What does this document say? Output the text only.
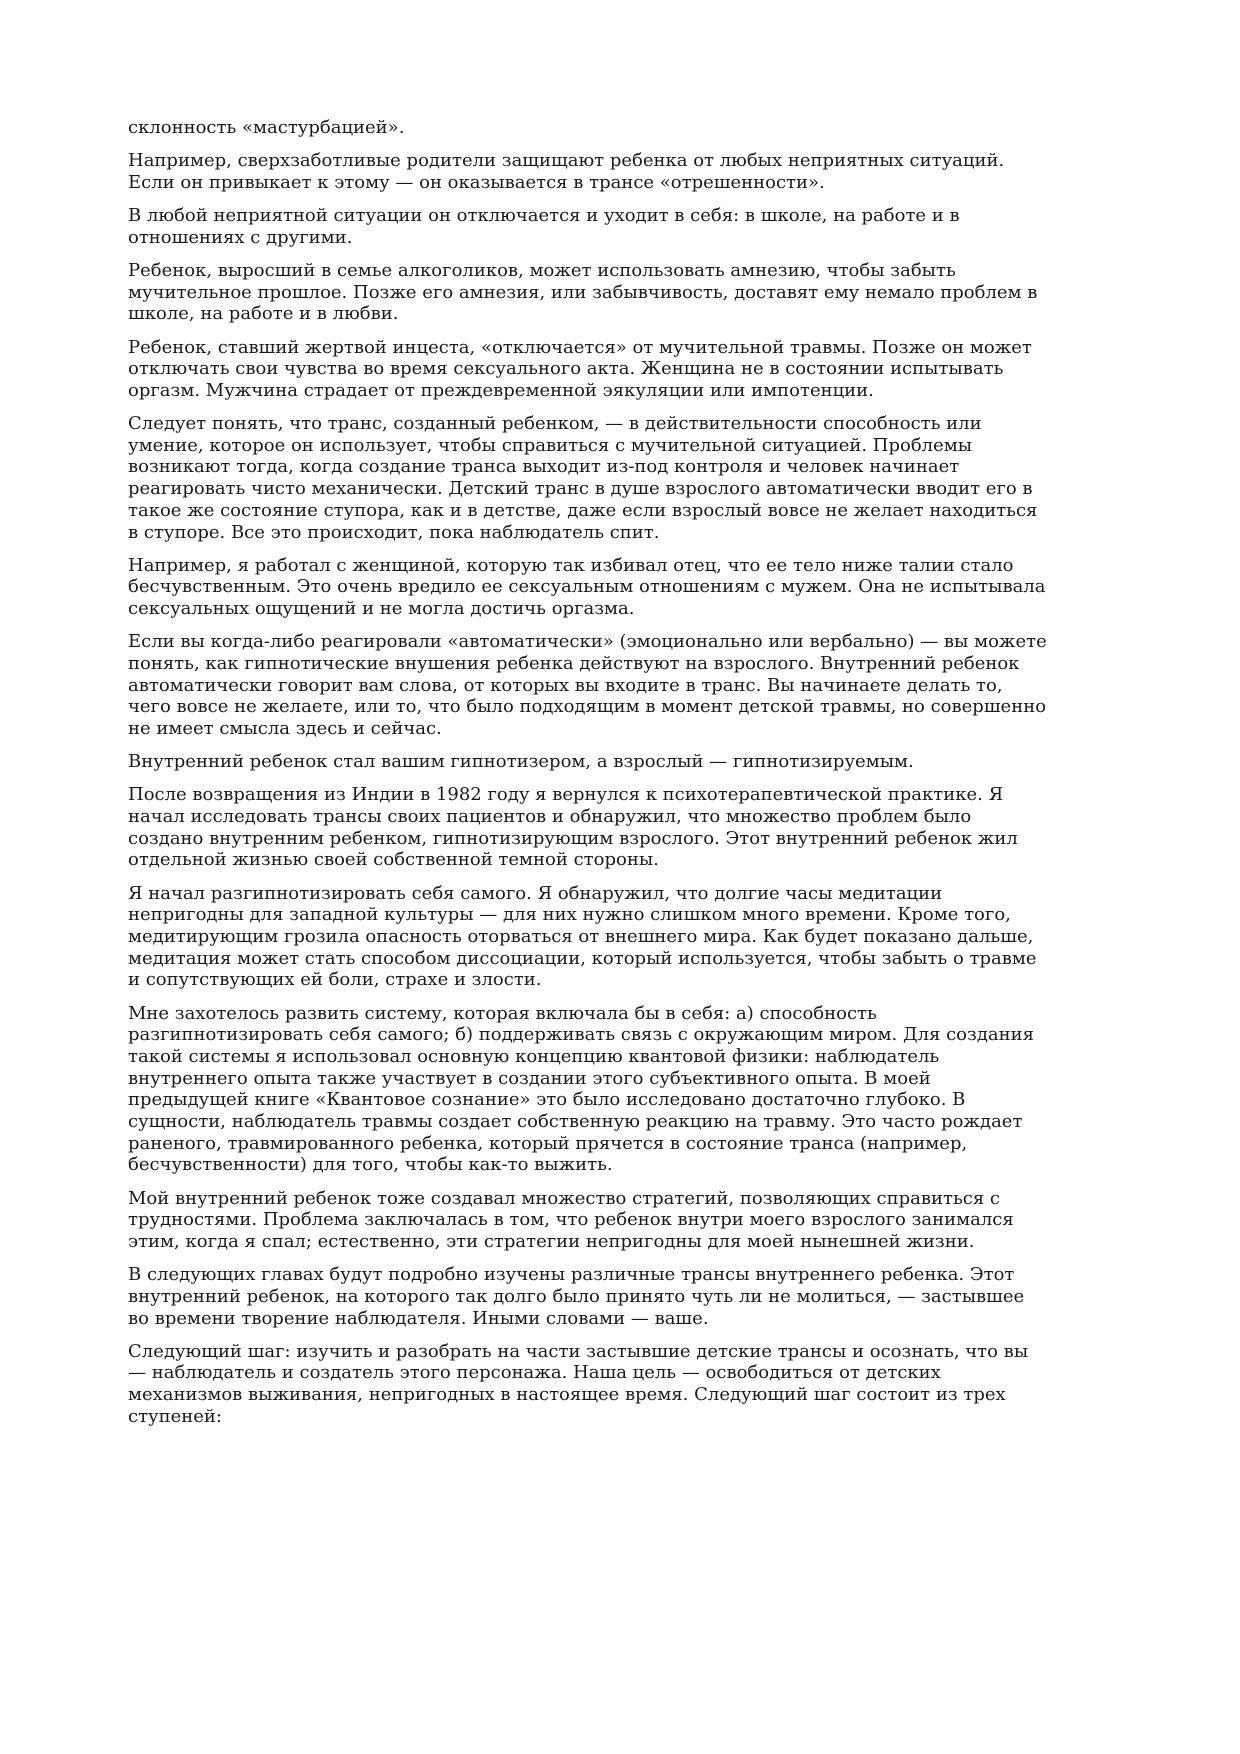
склонность «мастурбацией».
Например, сверхзаботливые родители защищают ребенка от любых неприятных ситуаций.
Если он привыкает к этому — он оказывается в трансе «отрешенности».
В любой неприятной ситуации он отключается и уходит в себя: в школе, на работе и в
отношениях с другими.
Ребенок, выросший в семье алкоголиков, может использовать амнезию, чтобы забыть
мучительное прошлое. Позже его амнезия, или забывчивость, доставят ему немало проблем в
школе, на работе и в любви.
Ребенок, ставший жертвой инцеста, «отключается» от мучительной травмы. Позже он может
отключать свои чувства во время сексуального акта. Женщина не в состоянии испытывать
оргазм. Мужчина страдает от преждевременной эякуляции или импотенции.
Следует понять, что транс, созданный ребенком, — в действительности способность или
умение, которое он использует, чтобы справиться с мучительной ситуацией. Проблемы
возникают тогда, когда создание транса выходит из-под контроля и человек начинает
реагировать чисто механически. Детский транс в душе взрослого автоматически вводит его в
такое же состояние ступора, как и в детстве, даже если взрослый вовсе не желает находиться
в ступоре. Все это происходит, пока наблюдатель спит.
Например, я работал с женщиной, которую так избивал отец, что ее тело ниже талии стало
бесчувственным. Это очень вредило ее сексуальным отношениям с мужем. Она не испытывала
сексуальных ощущений и не могла достичь оргазма.
Если вы когда-либо реагировали «автоматически» (эмоционально или вербально) — вы можете
понять, как гипнотические внушения ребенка действуют на взрослого. Внутренний ребенок
автоматически говорит вам слова, от которых вы входите в транс. Вы начинаете делать то,
чего вовсе не желаете, или то, что было подходящим в момент детской травмы, но совершенно
не имеет смысла здесь и сейчас.
Внутренний ребенок стал вашим гипнотизером, а взрослый — гипнотизируемым.
После возвращения из Индии в 1982 году я вернулся к психотерапевтической практике. Я
начал исследовать трансы своих пациентов и обнаружил, что множество проблем было
создано внутренним ребенком, гипнотизирующим взрослого. Этот внутренний ребенок жил
отдельной жизнью своей собственной темной стороны.
Я начал разгипнотизировать себя самого. Я обнаружил, что долгие часы медитации
непригодны для западной культуры — для них нужно слишком много времени. Кроме того,
медитирующим грозила опасность оторваться от внешнего мира. Как будет показано дальше,
медитация может стать способом диссоциации, который используется, чтобы забыть о травме
и сопутствующих ей боли, страхе и злости.
Мне захотелось развить систему, которая включала бы в себя: а) способность
разгипнотизировать себя самого; б) поддерживать связь с окружающим миром. Для создания
такой системы я использовал основную концепцию квантовой физики: наблюдатель
внутреннего опыта также участвует в создании этого субъективного опыта. В моей
предыдущей книге «Квантовое сознание» это было исследовано достаточно глубоко. В
сущности, наблюдатель травмы создает собственную реакцию на травму. Это часто рождает
раненого, травмированного ребенка, который прячется в состояние транса (например,
бесчувственности) для того, чтобы как-то выжить.
Мой внутренний ребенок тоже создавал множество стратегий, позволяющих справиться с
трудностями. Проблема заключалась в том, что ребенок внутри моего взрослого занимался
этим, когда я спал; естественно, эти стратегии непригодны для моей нынешней жизни.
В следующих главах будут подробно изучены различные трансы внутреннего ребенка. Этот
внутренний ребенок, на которого так долго было принято чуть ли не молиться, — застывшее
во времени творение наблюдателя. Иными словами — ваше.
Следующий шаг: изучить и разобрать на части застывшие детские трансы и осознать, что вы
— наблюдатель и создатель этого персонажа. Наша цель — освободиться от детских
механизмов выживания, непригодных в настоящее время. Следующий шаг состоит из трех
ступеней:
